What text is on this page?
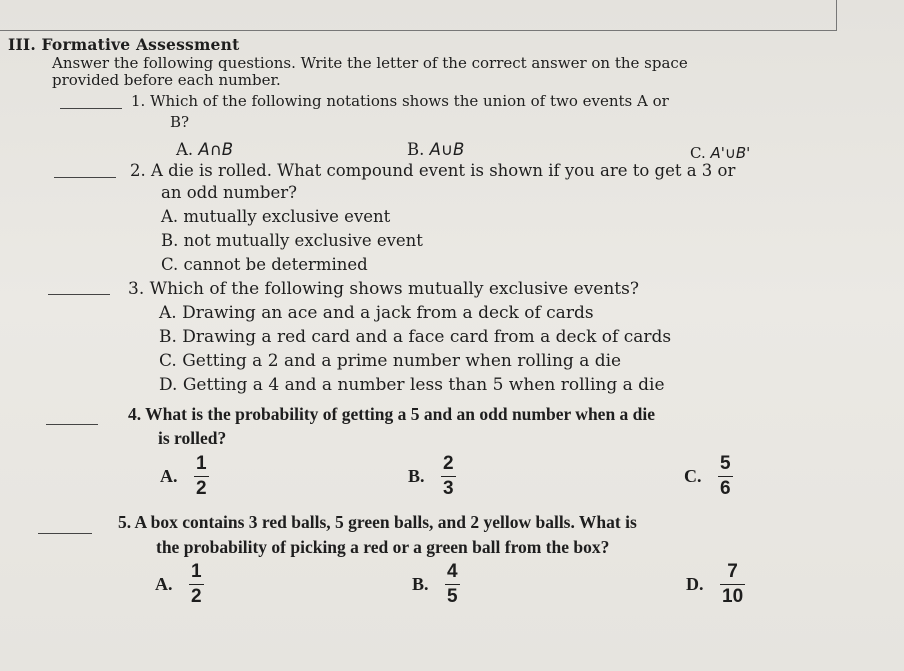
III. Formative Assessment
Answer the following questions. Write the letter of the correct answer on the space
provided before each number.
1. Which of the following notations shows the union of two events A or
B?
A. A∩B	B. A∪B	C. A'∪B'
2. A die is rolled. What compound event is shown if you are to get a 3 or
an odd number?
A. mutually exclusive event
B. not mutually exclusive event
C. cannot be determined
3. Which of the following shows mutually exclusive events?
A. Drawing an ace and a jack from a deck of cards
B. Drawing a red card and a face card from a deck of cards
C. Getting a 2 and a prime number when rolling a die
D. Getting a 4 and a number less than 5 when rolling a die
4. What is the probability of getting a 5 and an odd number when a die
is rolled?
A. $\frac{1}{2}$	B. $\frac{2}{3}$	C. $\frac{5}{6}$
5. A box contains 3 red balls, 5 green balls, and 2 yellow balls. What is
the probability of picking a red or a green ball from the box?
A. $\frac{1}{2}$	B. $\frac{4}{5}$	D. $\frac{7}{10}$
